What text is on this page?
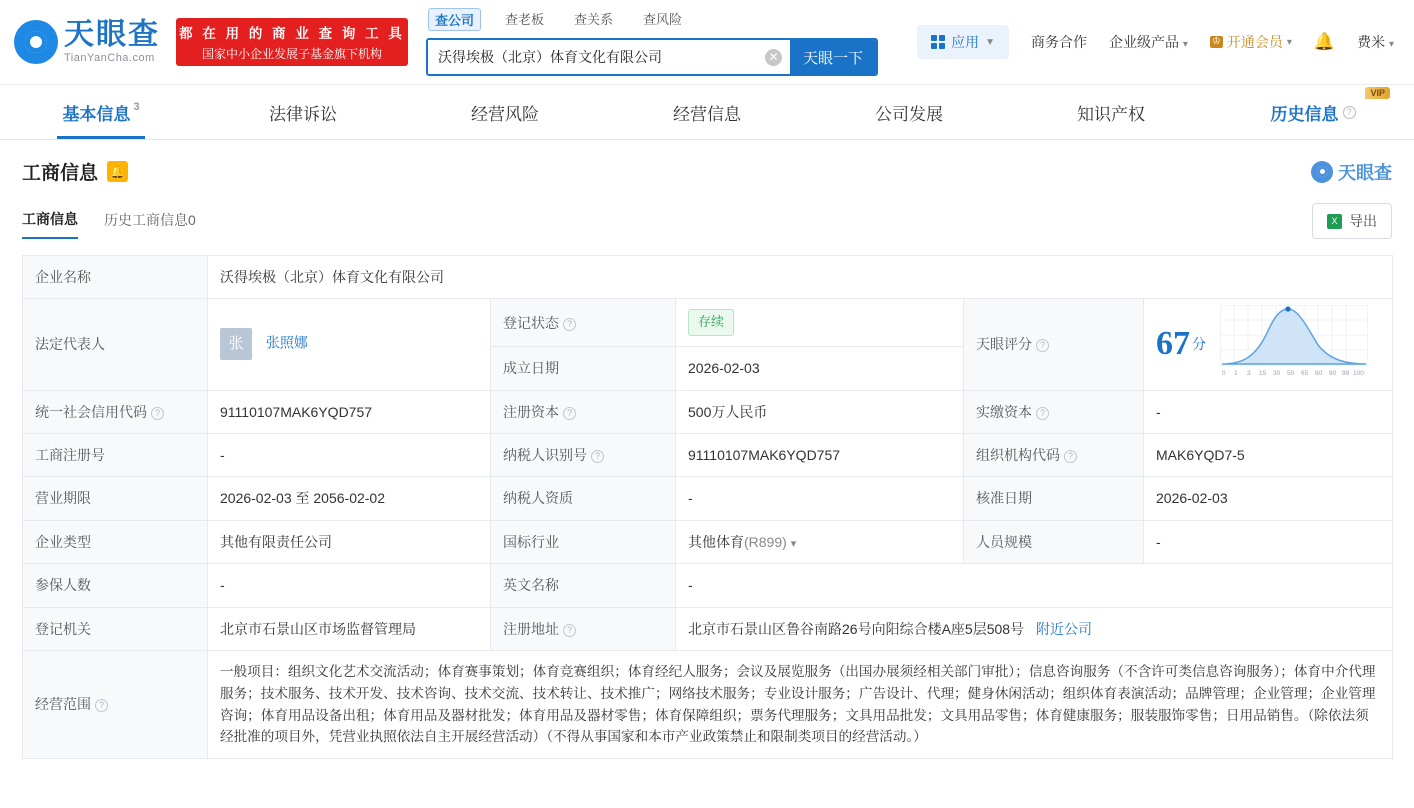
天眼查
TianYanCha.com
都 在 用 的 商 业 查 询 工 具
国家中小企业发展子基金旗下机构
查公司	查老板	查关系	查风险
沃得埃极（北京）体育文化有限公司
✕	天眼一下
应用 ▼	商务合作 企业级产品 ▾ ♔ 开通会员 ▾ 🔔 费米 ▾
基本信息 3	法律诉讼	经营风险	经营信息	公司发展	知识产权
VIP
历史信息 ?
工商信息 🔔	天眼查
工商信息 历史工商信息0	X 导出
企业名称	沃得埃极（北京）体育文化有限公司				
法定代表人	张 张照娜	登记状态 ?	存续	天眼评分 ?	67 分
0 1 3 15 30 50 65 80 90 99 100

		成立日期	2026-02-03		
统一社会信用代码 ?	91110107MAK6YQD757	注册资本 ?	500万人民币	实缴资本 ?	-
工商注册号	-	纳税人识别号 ?	91110107MAK6YQD757	组织机构代码 ?	MAK6YQD7-5
营业期限	2026-02-03 至 2056-02-02	纳税人资质	-	核准日期	2026-02-03
企业类型	其他有限责任公司	国标行业	其他体育(R899) ▾	人员规模	-
参保人数	-	英文名称	-		
登记机关	北京市石景山区市场监督管理局	注册地址 ?	北京市石景山区鲁谷南路26号向阳综合楼A座5层508号 附近公司		
经营范围 ?	一般项目：组织文化艺术交流活动；体育赛事策划；体育竞赛组织；体育经纪人服务；会议及展览服务（出国办展须经相关部门审批）；信息咨询服务（不含许可类信息咨询服务）；体育中介代理服务；技术服务、技术开发、技术咨询、技术交流、技术转让、技术推广；网络技术服务；专业设计服务；广告设计、代理；健身休闲活动；组织体育表演活动；品牌管理；企业管理；企业管理咨询；体育用品设备出租；体育用品及器材批发；体育用品及器材零售；体育保障组织；票务代理服务；文具用品批发；文具用品零售；体育健康服务；服装服饰零售；日用品销售。（除依法须经批准的项目外，凭营业执照依法自主开展经营活动）（不得从事国家和本市产业政策禁止和限制类项目的经营活动。）				
